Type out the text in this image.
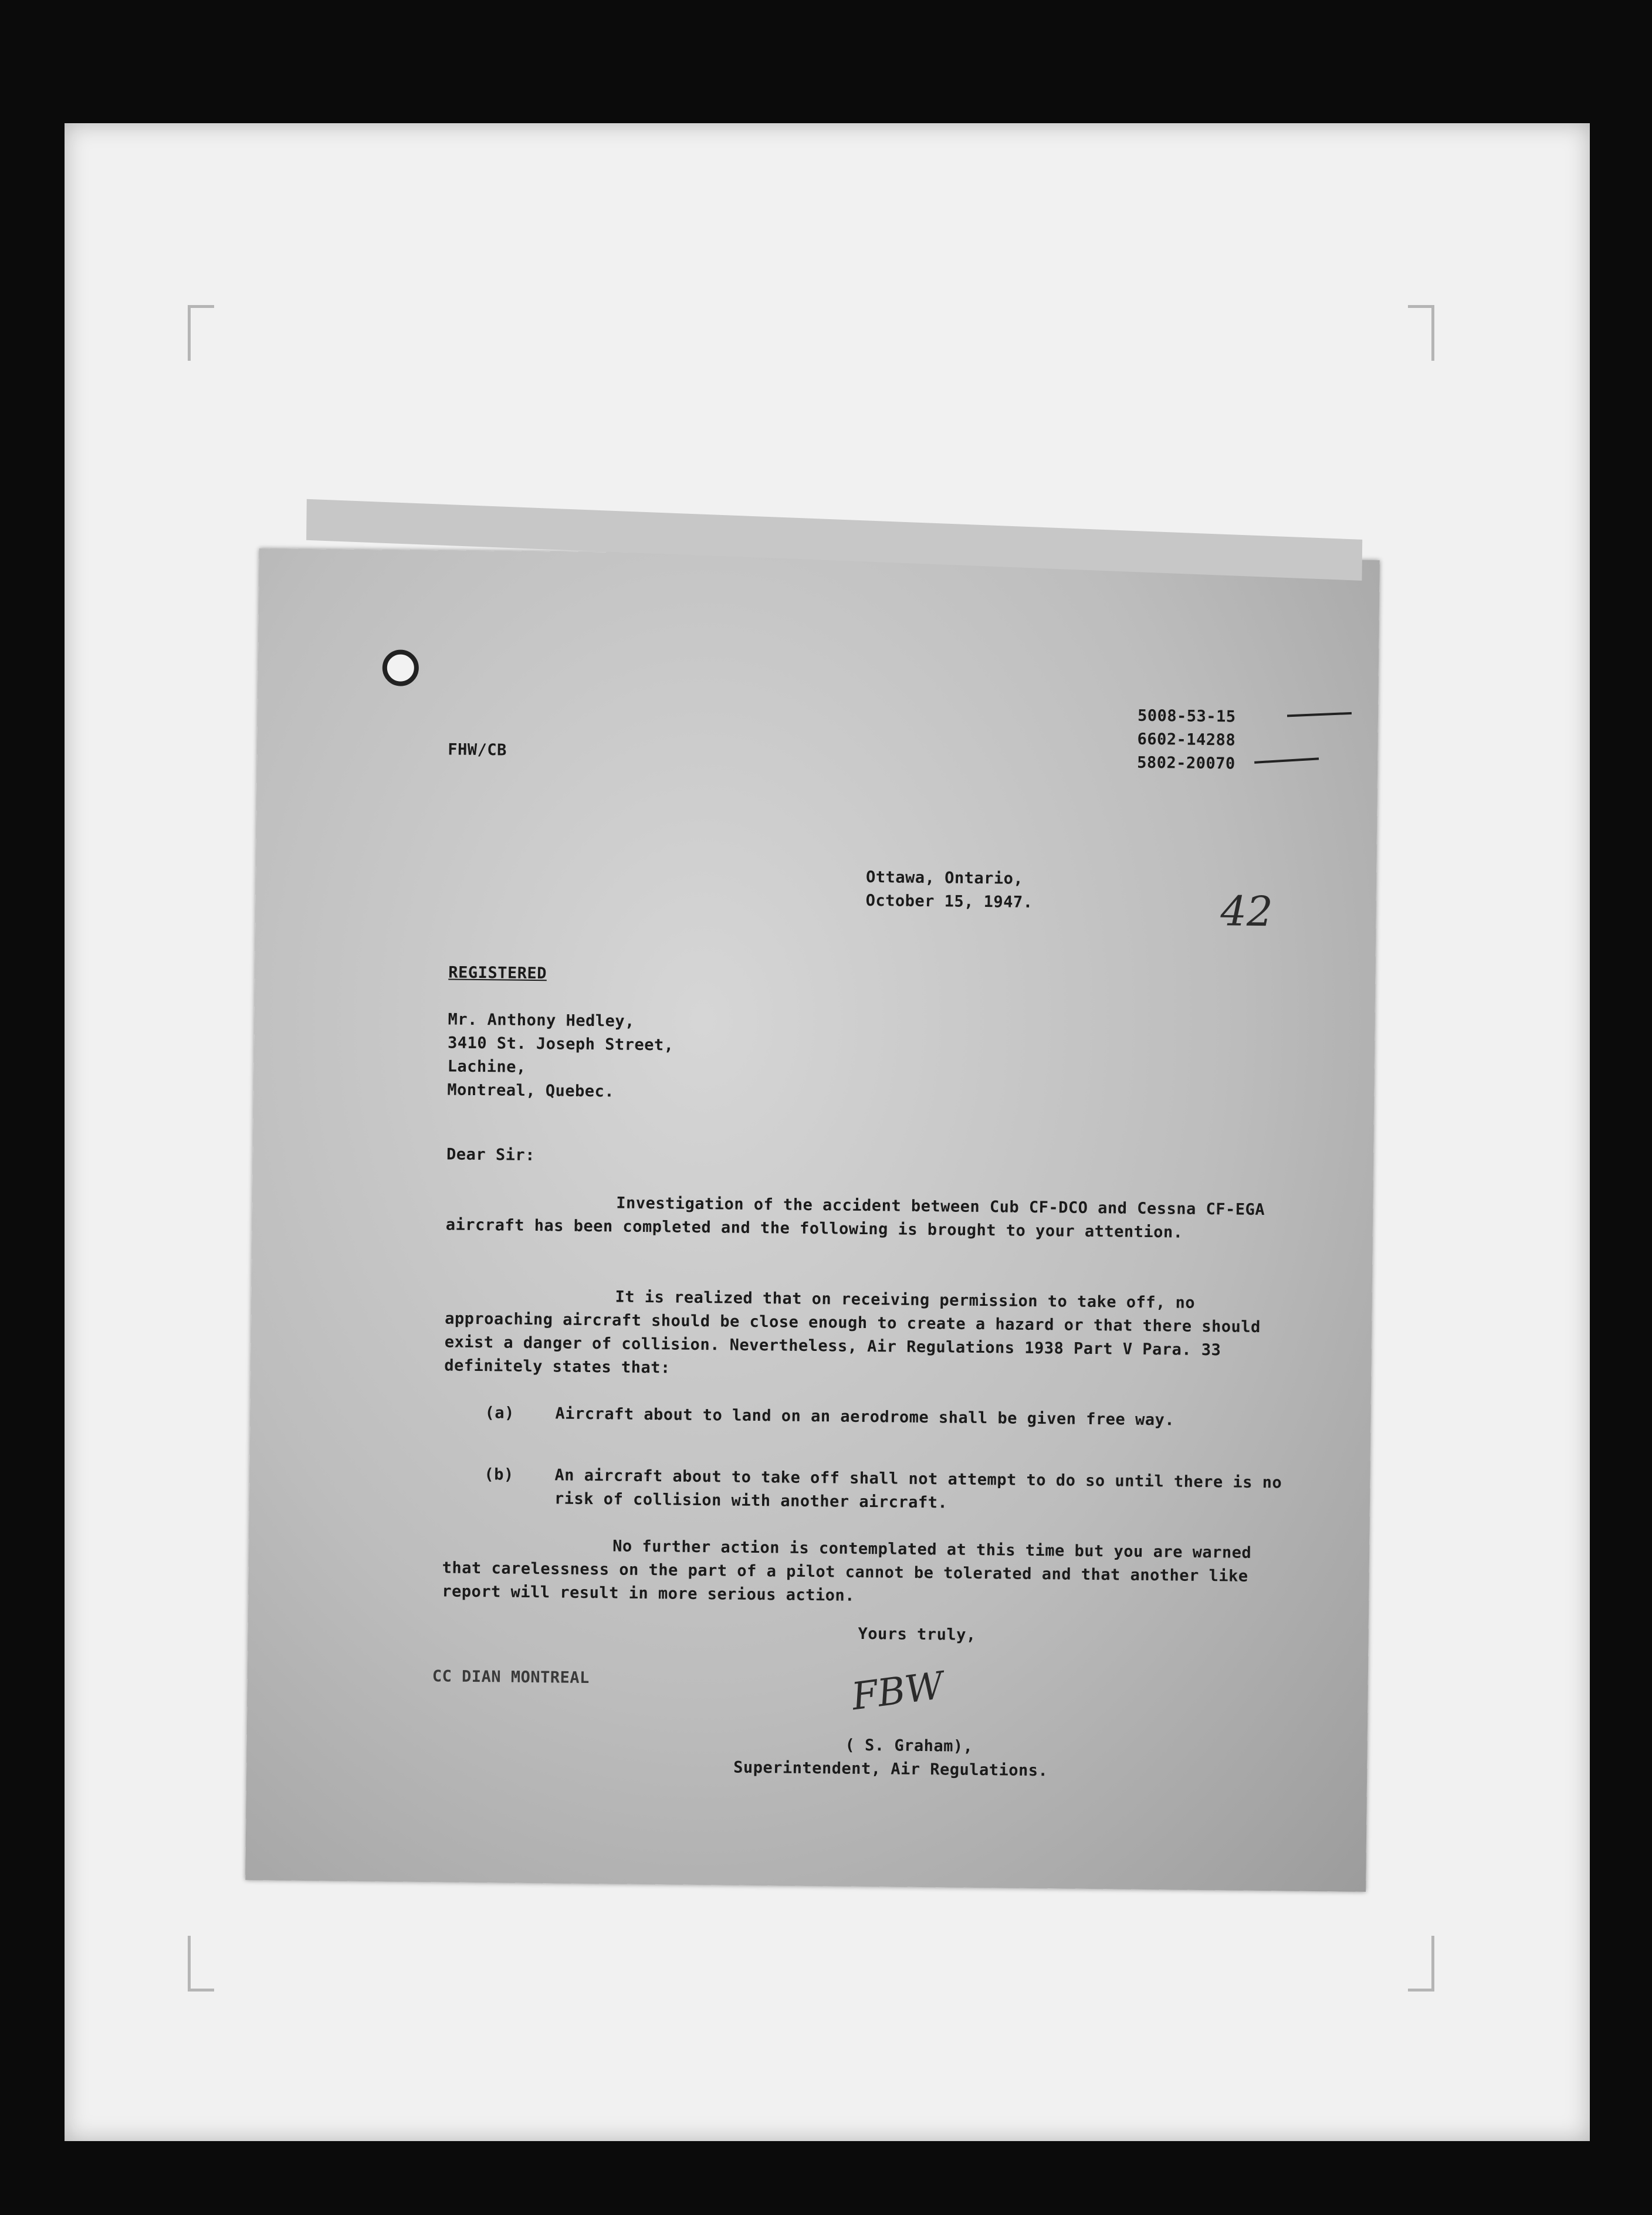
5008-53-15
6602-14288
5802-20070
FHW/CB
Ottawa, Ontario,
October 15, 1947.	42
REGISTERED
Mr. Anthony Hedley,
3410 St. Joseph Street,
Lachine,
Montreal, Quebec.
Dear Sir:
Investigation of the accident between Cub CF-DCO and Cessna CF-EGA aircraft has been completed and the following is brought to your attention.
It is realized that on receiving permission to take off, no approaching aircraft should be close enough to create a hazard or that there should exist a danger of collision. Nevertheless, Air Regulations 1938 Part V Para. 33 definitely states that:
(a)	Aircraft about to land on an aerodrome shall be given free way.
(b)	An aircraft about to take off shall not attempt to do so until there is no risk of collision with another aircraft.
No further action is contemplated at this time but you are warned that carelessness on the part of a pilot cannot be tolerated and that another like report will result in more serious action.
Yours truly,
CC DIAN MONTREAL	FBW
( S. Graham),
Superintendent, Air Regulations.
